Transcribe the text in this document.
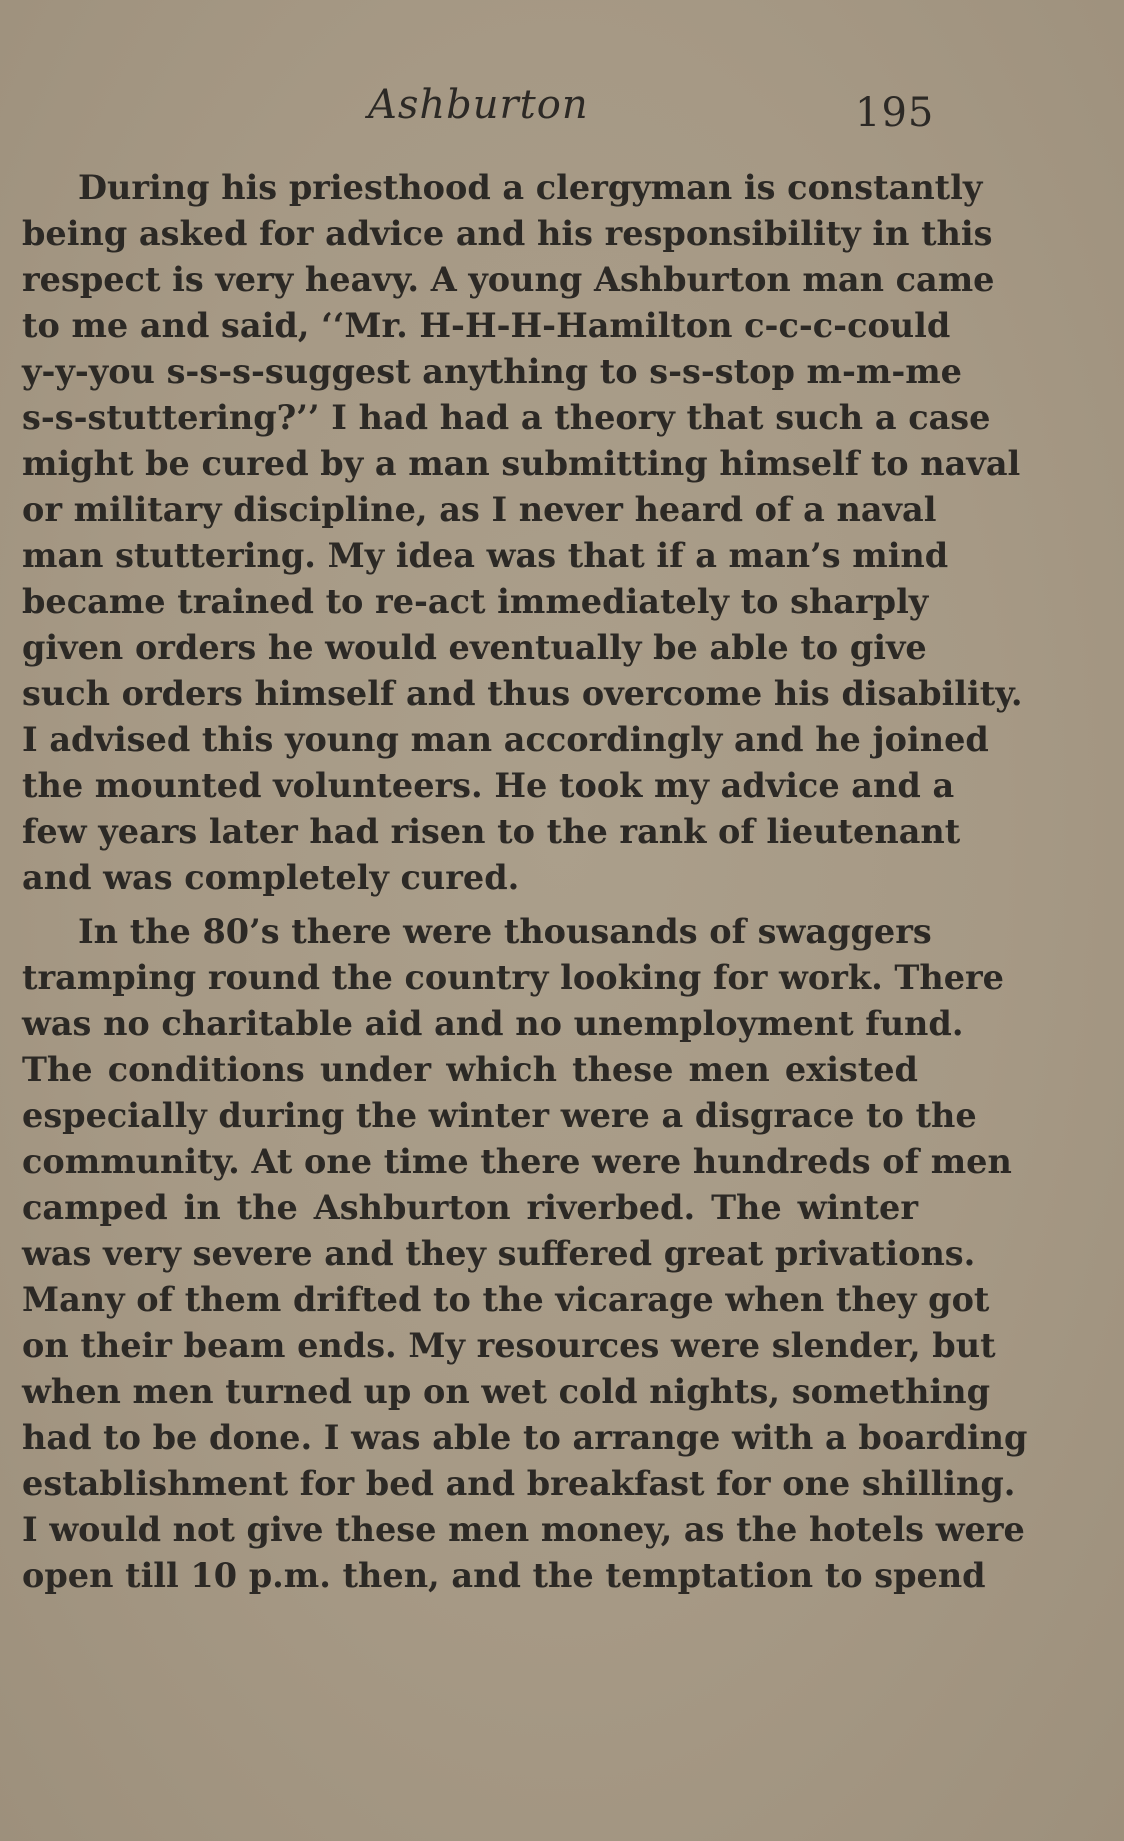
Ashburton	195
During his priesthood a clergyman is constantly
being asked for advice and his responsibility in this
respect is very heavy. A young Ashburton man came
to me and said, ‘‘Mr. H-H-H-Hamilton c-c-c-could
y-y-you s-s-s-suggest anything to s-s-stop m-m-me
s-s-stuttering?’’ I had had a theory that such a case
might be cured by a man submitting himself to naval
or military discipline, as I never heard of a naval
man stuttering. My idea was that if a man’s mind
became trained to re-act immediately to sharply
given orders he would eventually be able to give
such orders himself and thus overcome his disability.
I advised this young man accordingly and he joined
the mounted volunteers. He took my advice and a
few years later had risen to the rank of lieutenant
and was completely cured.
In the 80’s there were thousands of swaggers
tramping round the country looking for work. There
was no charitable aid and no unemployment fund.
The conditions under which these men existed
especially during the winter were a disgrace to the
community. At one time there were hundreds of men
camped in the Ashburton riverbed. The winter
was very severe and they suffered great privations.
Many of them drifted to the vicarage when they got
on their beam ends. My resources were slender, but
when men turned up on wet cold nights, something
had to be done. I was able to arrange with a boarding
establishment for bed and breakfast for one shilling.
I would not give these men money, as the hotels were
open till 10 p.m. then, and the temptation to spend
